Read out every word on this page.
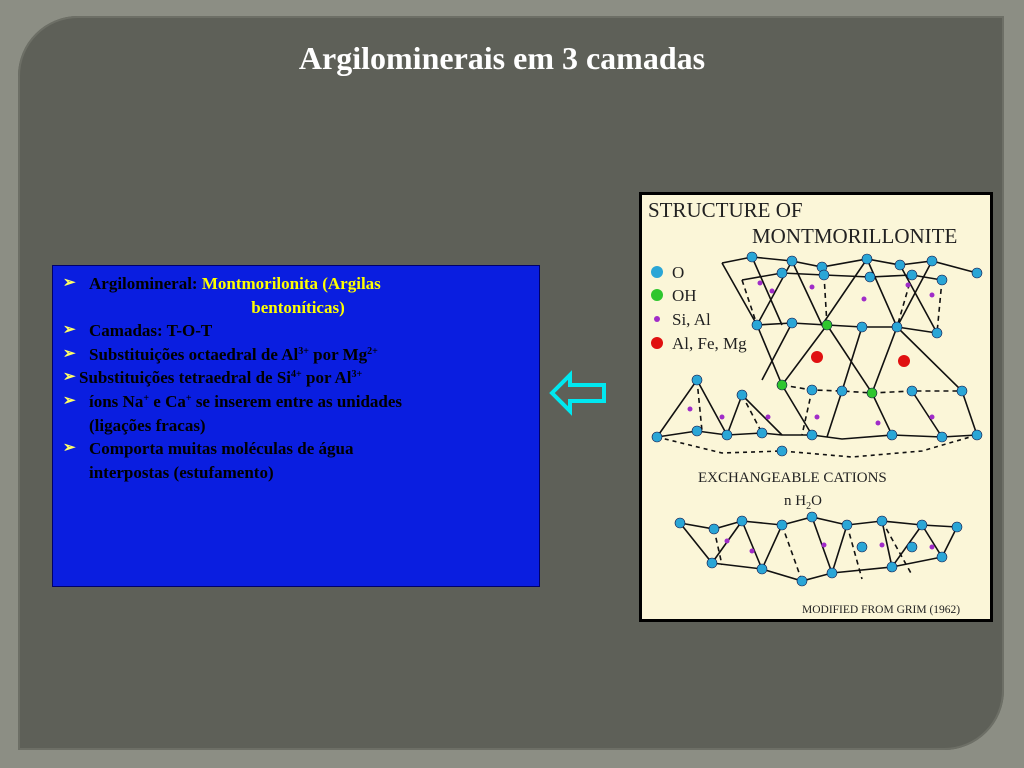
Argilominerais em 3 camadas
➢ Argilomineral: Montmorilonita (Argilas
bentoníticas)
➢ Camadas: T-O-T
➢ Substituições octaedral de $Al^{3+}$ por $Mg^{2+}$
➢ Substituições tetraedral de $Si^{4+}$ por $Al^{3+}$
➢ íons Na+ e Ca+ se inserem entre as unidades
(ligações fracas)
➢ Comporta muitas moléculas de água
interpostas (estufamento)
STRUCTURE OF
MONTMORILLONITE
O
OH
Si, Al
Al, Fe, Mg
EXCHANGEABLE CATIONS
n $H_2O$
MODIFIED FROM GRIM (1962)
